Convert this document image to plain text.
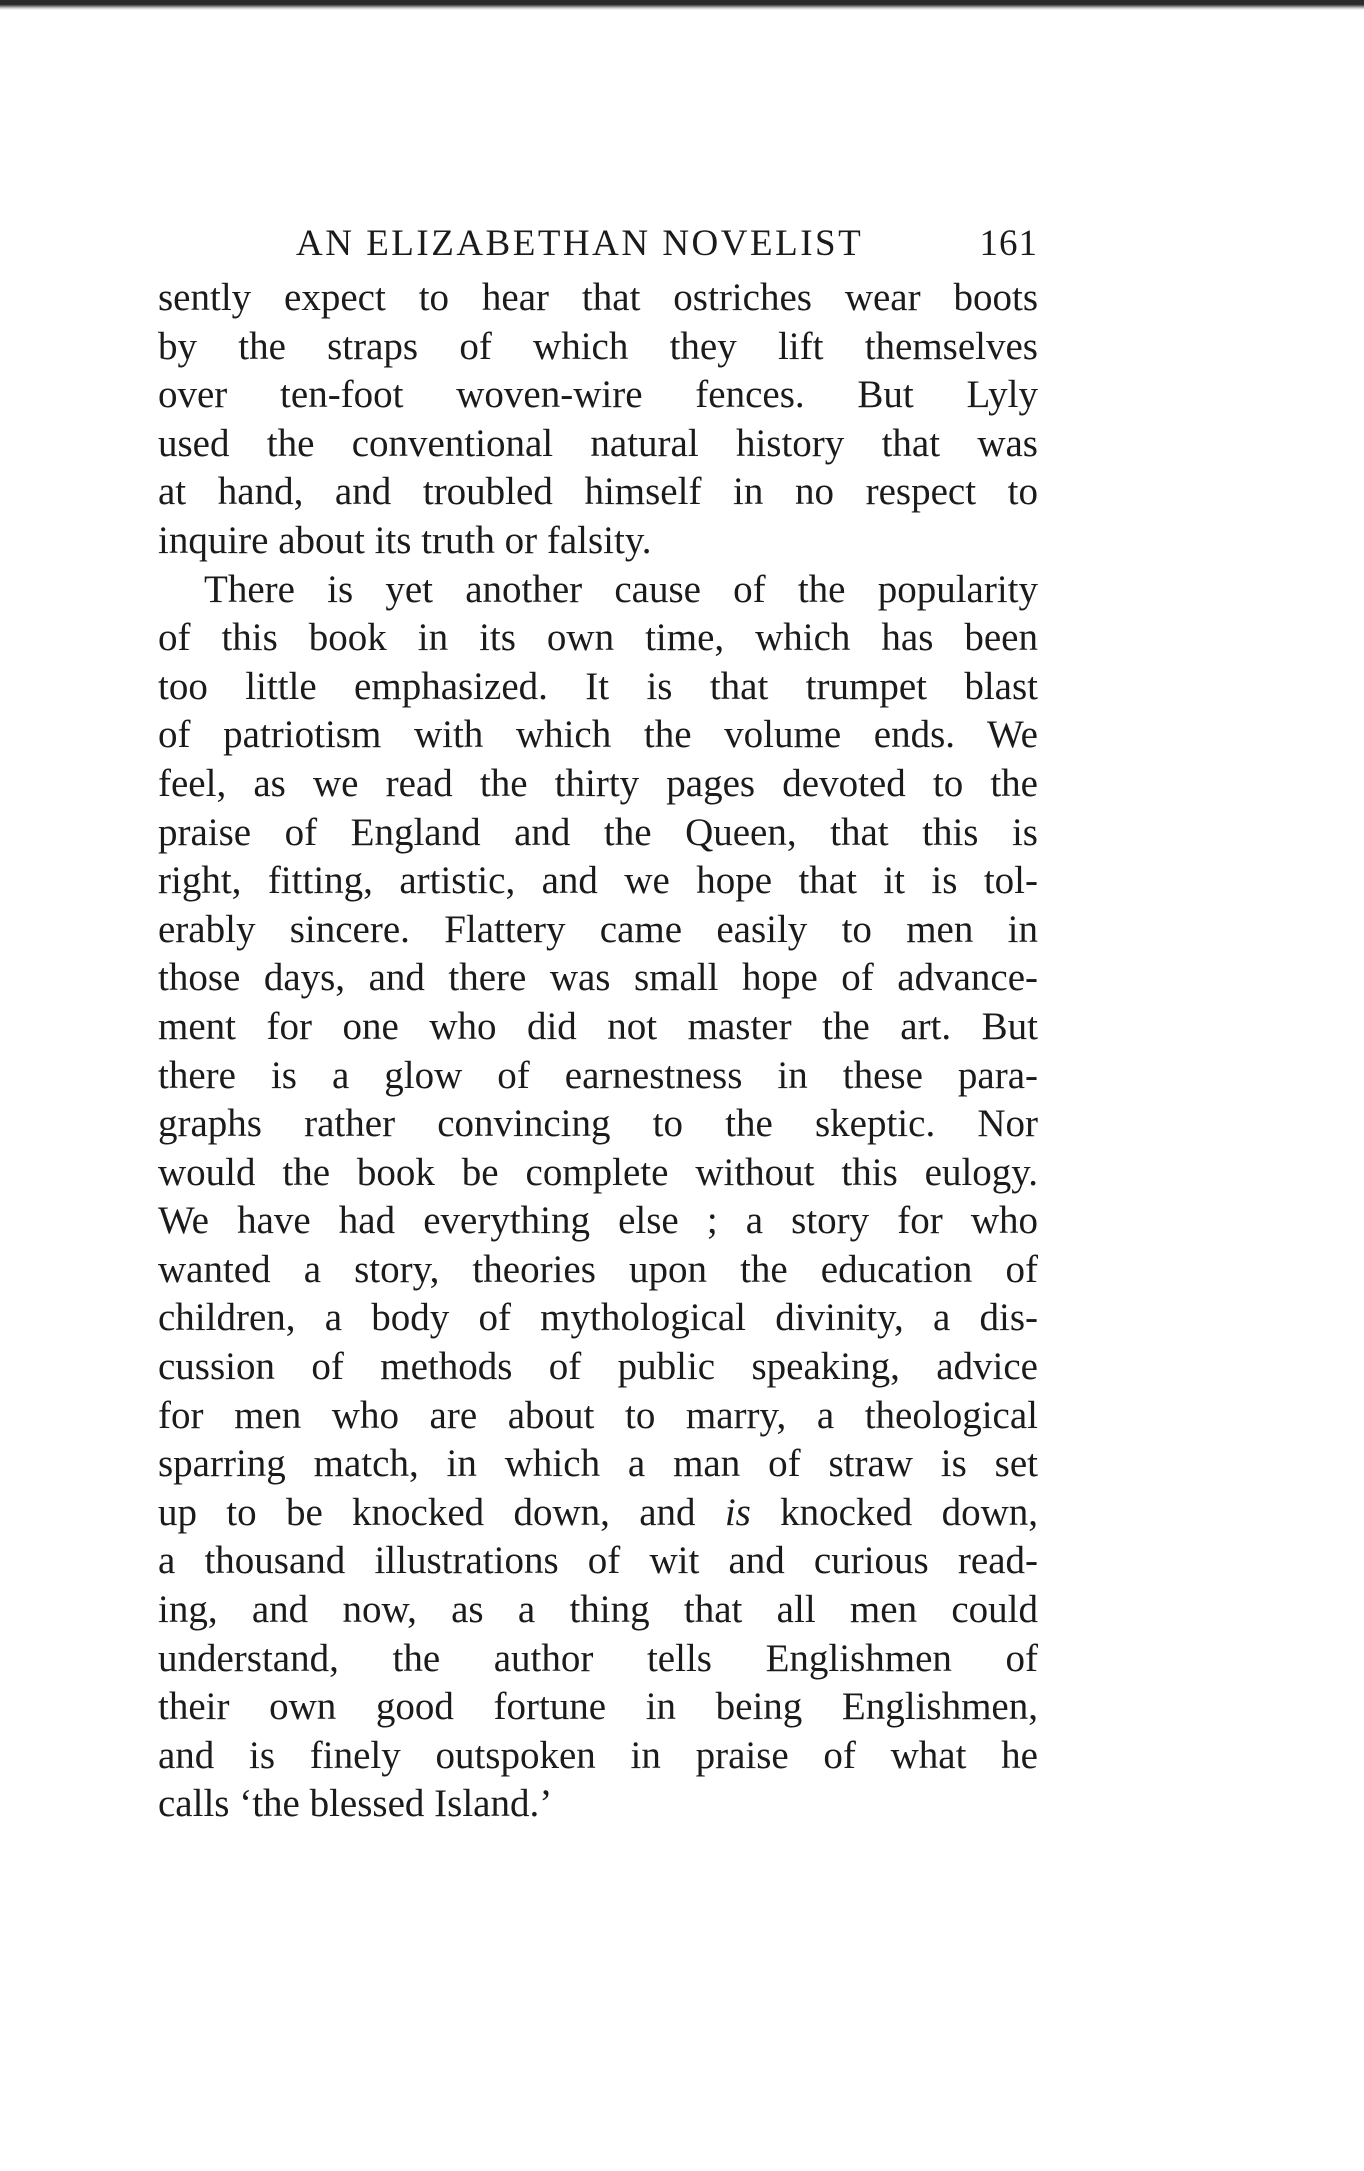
AN ELIZABETHAN NOVELIST	161

sently expect to hear that ostriches wear boots
by the straps of which they lift themselves
over ten-foot woven-wire fences. But Lyly
used the conventional natural history that was
at hand, and troubled himself in no respect to
inquire about its truth or falsity.

There is yet another cause of the popularity
of this book in its own time, which has been
too little emphasized. It is that trumpet blast
of patriotism with which the volume ends. We
feel, as we read the thirty pages devoted to the
praise of England and the Queen, that this is
right, fitting, artistic, and we hope that it is tol-
erably sincere. Flattery came easily to men in
those days, and there was small hope of advance-
ment for one who did not master the art. But
there is a glow of earnestness in these para-
graphs rather convincing to the skeptic. Nor
would the book be complete without this eulogy.
We have had everything else ; a story for who
wanted a story, theories upon the education of
children, a body of mythological divinity, a dis-
cussion of methods of public speaking, advice
for men who are about to marry, a theological
sparring match, in which a man of straw is set
up to be knocked down, and is knocked down,
a thousand illustrations of wit and curious read-
ing, and now, as a thing that all men could
understand, the author tells Englishmen of
their own good fortune in being Englishmen,
and is finely outspoken in praise of what he
calls ‘the blessed Island.’
